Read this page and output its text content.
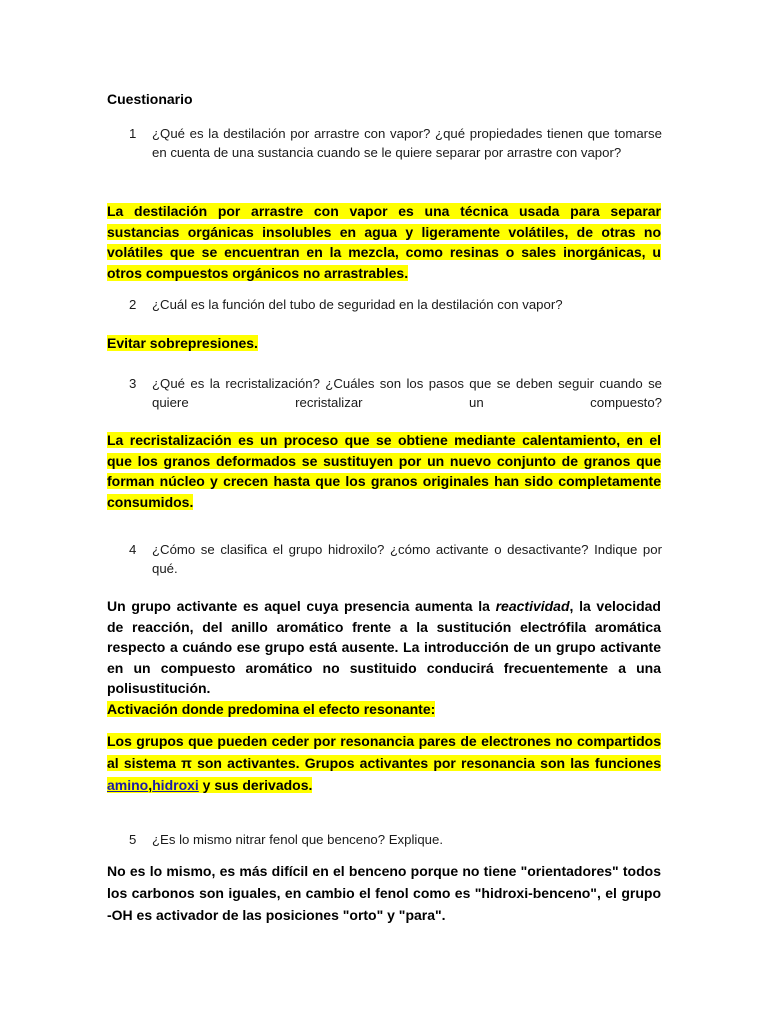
Cuestionario
1 ¿Qué es la destilación por arrastre con vapor? ¿qué propiedades tienen que tomarse en cuenta de una sustancia cuando se le quiere separar por arrastre con vapor?
La destilación por arrastre con vapor es una técnica usada para separar sustancias orgánicas insolubles en agua y ligeramente volátiles, de otras no volátiles que se encuentran en la mezcla, como resinas o sales inorgánicas, u otros compuestos orgánicos no arrastrables.
2 ¿Cuál es la función del tubo de seguridad en la destilación con vapor?
Evitar sobrepresiones.
3 ¿Qué es la recristalización? ¿Cuáles son los pasos que se deben seguir cuando se quiere recristalizar un compuesto?
La recristalización es un proceso que se obtiene mediante calentamiento, en el que los granos deformados se sustituyen por un nuevo conjunto de granos que forman núcleo y crecen hasta que los granos originales han sido completamente consumidos.
4 ¿Cómo se clasifica el grupo hidroxilo? ¿cómo activante o desactivante? Indique por qué.
Un grupo activante es aquel cuya presencia aumenta la reactividad, la velocidad de reacción, del anillo aromático frente a la sustitución electrófila aromática respecto a cuándo ese grupo está ausente. La introducción de un grupo activante en un compuesto aromático no sustituido conducirá frecuentemente a una polisustitución.
Activación donde predomina el efecto resonante:
Los grupos que pueden ceder por resonancia pares de electrones no compartidos al sistema π son activantes. Grupos activantes por resonancia son las funciones amino,hidroxi y sus derivados.
5 ¿Es lo mismo nitrar fenol que benceno? Explique.
No es lo mismo, es más difícil en el benceno porque no tiene "orientadores" todos los carbonos son iguales, en cambio el fenol como es "hidroxi-benceno", el grupo -OH es activador de las posiciones "orto" y "para".
